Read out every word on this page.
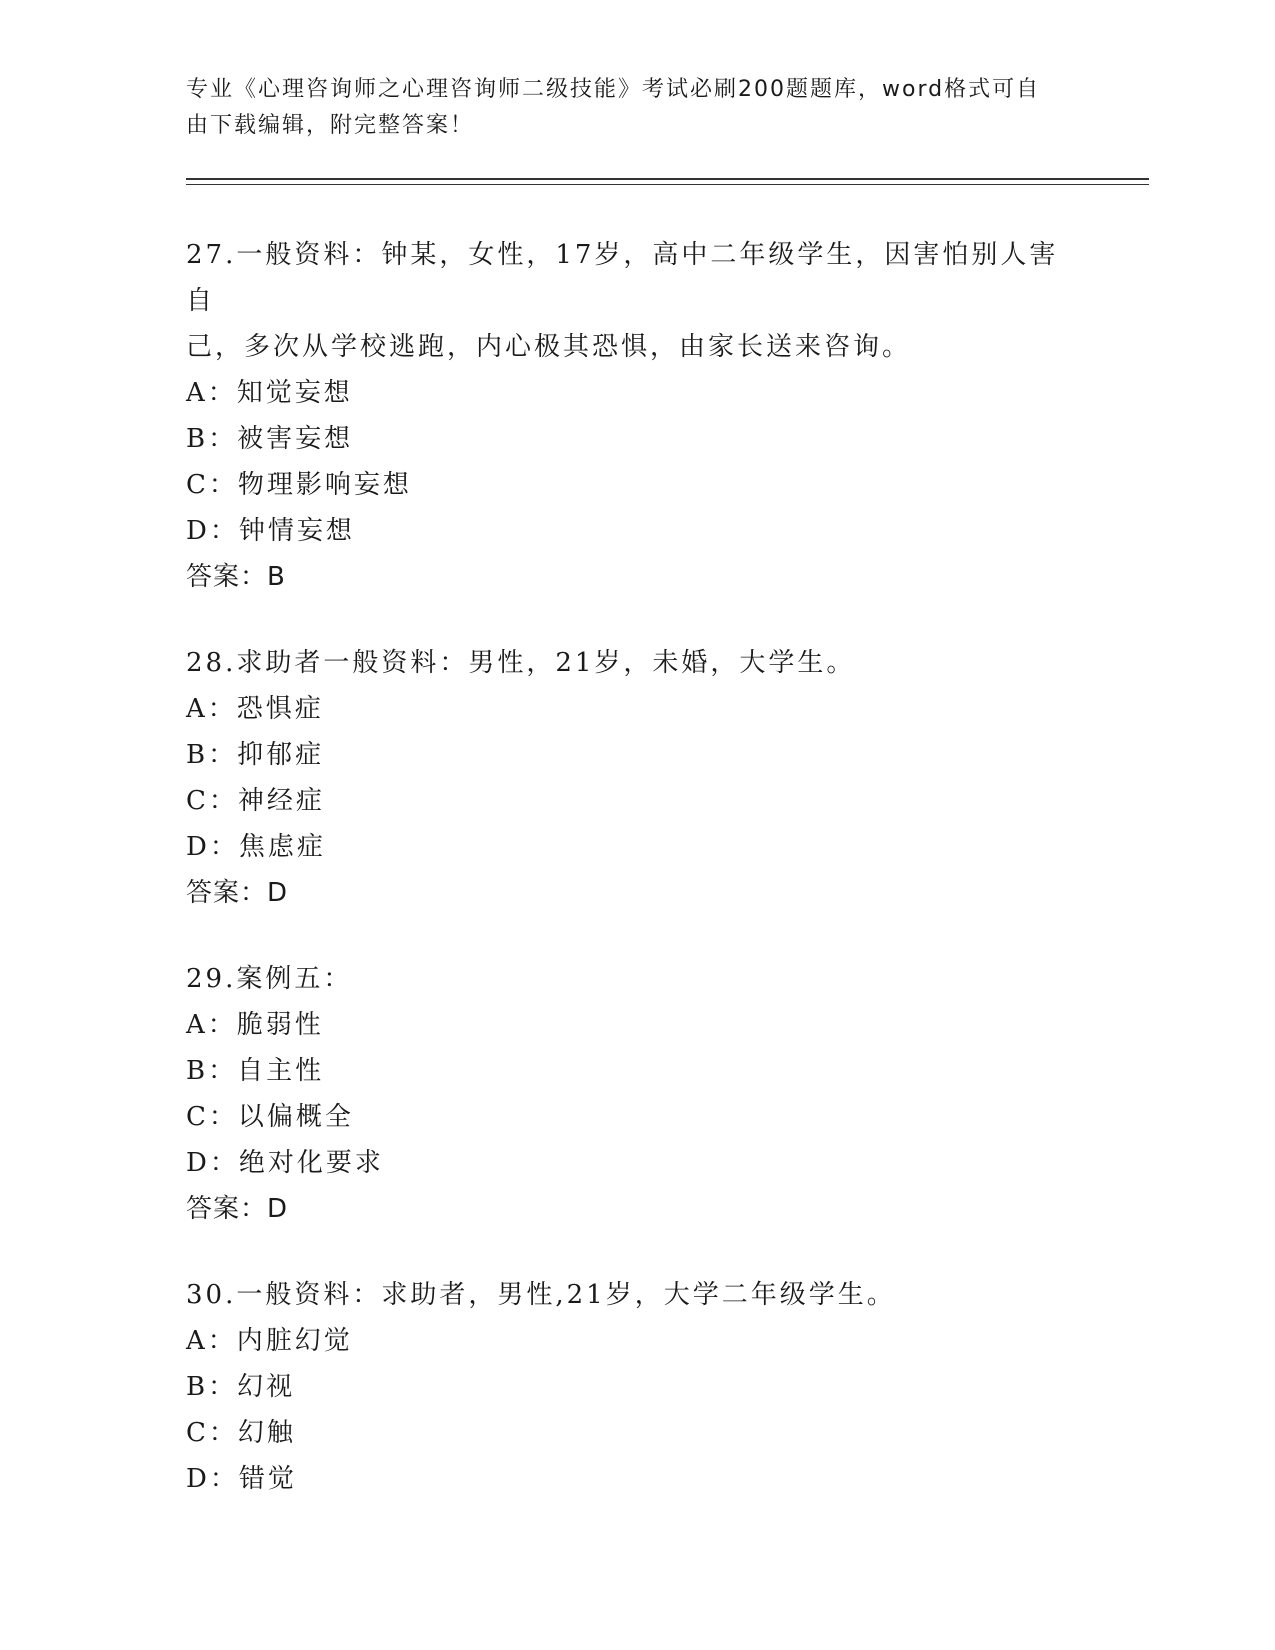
专业《心理咨询师之心理咨询师二级技能》考试必刷200题题库，word格式可自
由下载编辑，附完整答案！

27.一般资料：钟某，女性，17岁，高中二年级学生，因害怕别人害自

己，多次从学校逃跑，内心极其恐惧，由家长送来咨询。

A：知觉妄想

B：被害妄想

C：物理影响妄想

D：钟情妄想

答案：B

28.求助者一般资料：男性，21岁，未婚，大学生。

A：恐惧症

B：抑郁症

C：神经症

D：焦虑症

答案：D

29.案例五：

A：脆弱性

B：自主性

C：以偏概全

D：绝对化要求

答案：D

30.一般资料：求助者，男性,21岁，大学二年级学生。

A：内脏幻觉

B：幻视

C：幻触

D：错觉
